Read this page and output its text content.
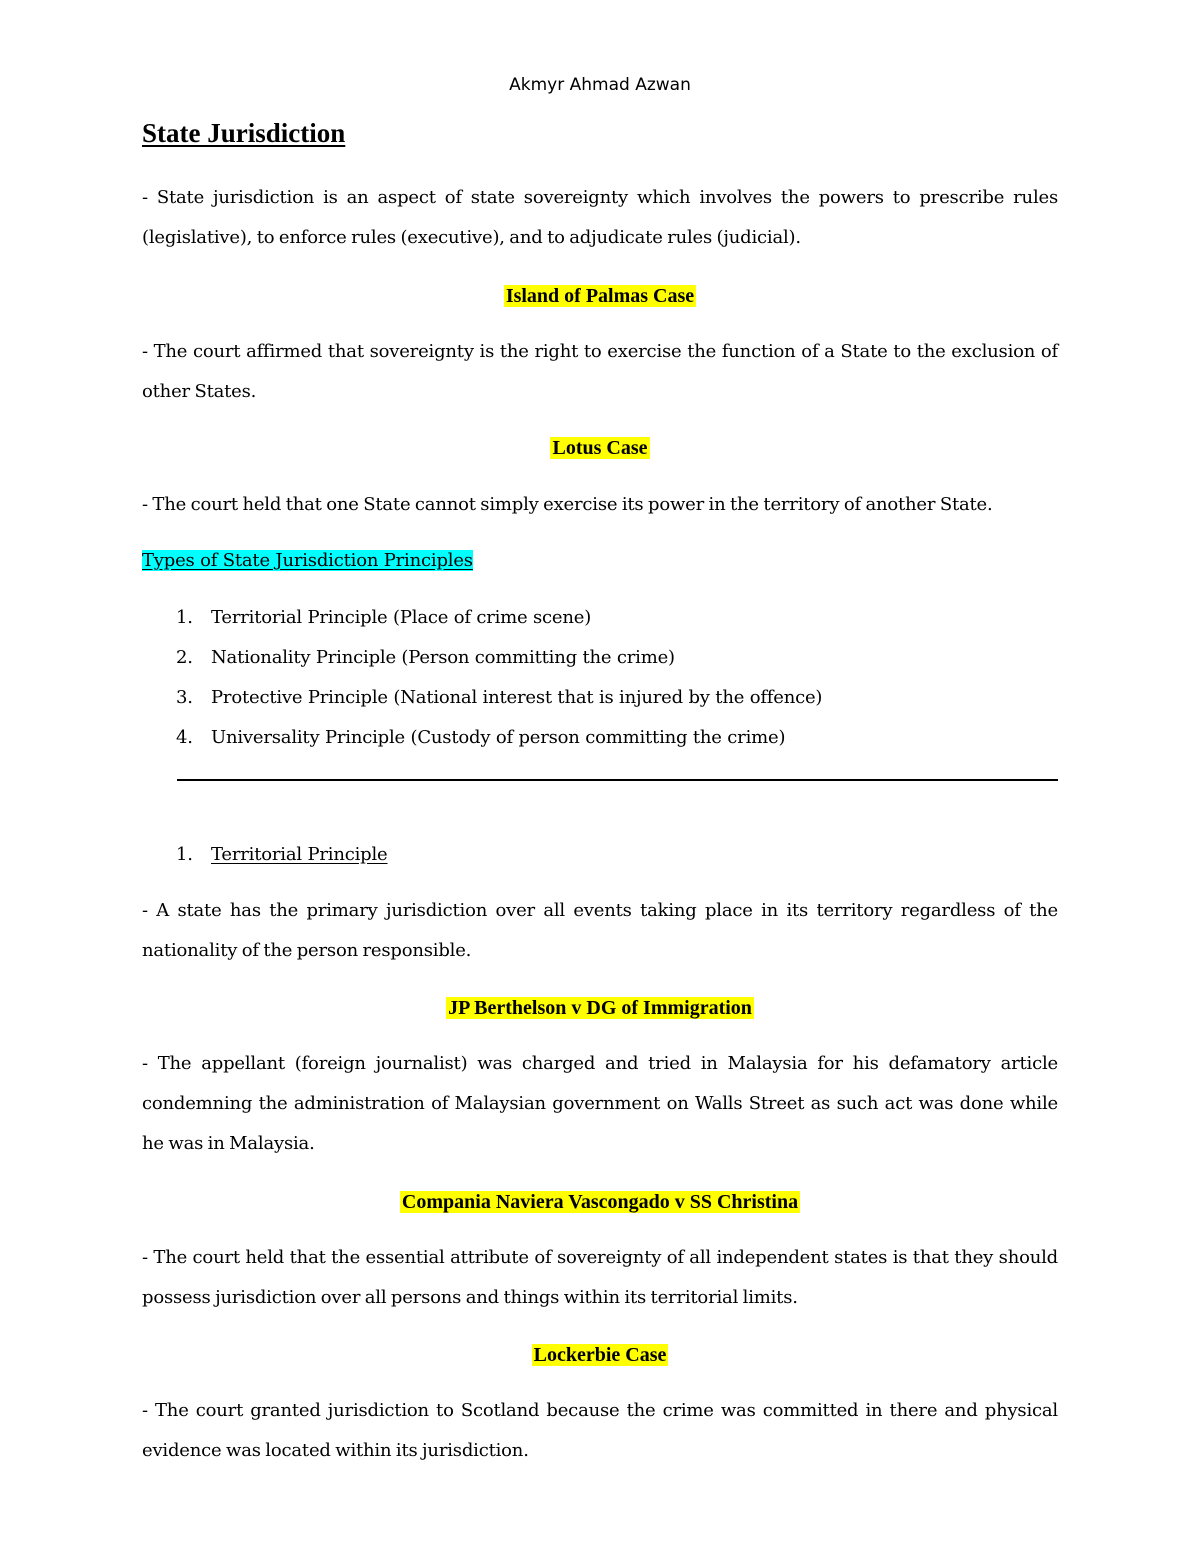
Akmyr Ahmad Azwan
State Jurisdiction
- State jurisdiction is an aspect of state sovereignty which involves the powers to prescribe rules (legislative), to enforce rules (executive), and to adjudicate rules (judicial).
Island of Palmas Case
- The court affirmed that sovereignty is the right to exercise the function of a State to the exclusion of other States.
Lotus Case
- The court held that one State cannot simply exercise its power in the territory of another State.
Types of State Jurisdiction Principles
1.	Territorial Principle (Place of crime scene)
2.	Nationality Principle (Person committing the crime)
3.	Protective Principle (National interest that is injured by the offence)
4.	Universality Principle (Custody of person committing the crime)
1. Territorial Principle
- A state has the primary jurisdiction over all events taking place in its territory regardless of the nationality of the person responsible.
JP Berthelson v DG of Immigration
- The appellant (foreign journalist) was charged and tried in Malaysia for his defamatory article condemning the administration of Malaysian government on Walls Street as such act was done while he was in Malaysia.
Compania Naviera Vascongado v SS Christina
- The court held that the essential attribute of sovereignty of all independent states is that they should possess jurisdiction over all persons and things within its territorial limits.
Lockerbie Case
- The court granted jurisdiction to Scotland because the crime was committed in there and physical evidence was located within its jurisdiction.
